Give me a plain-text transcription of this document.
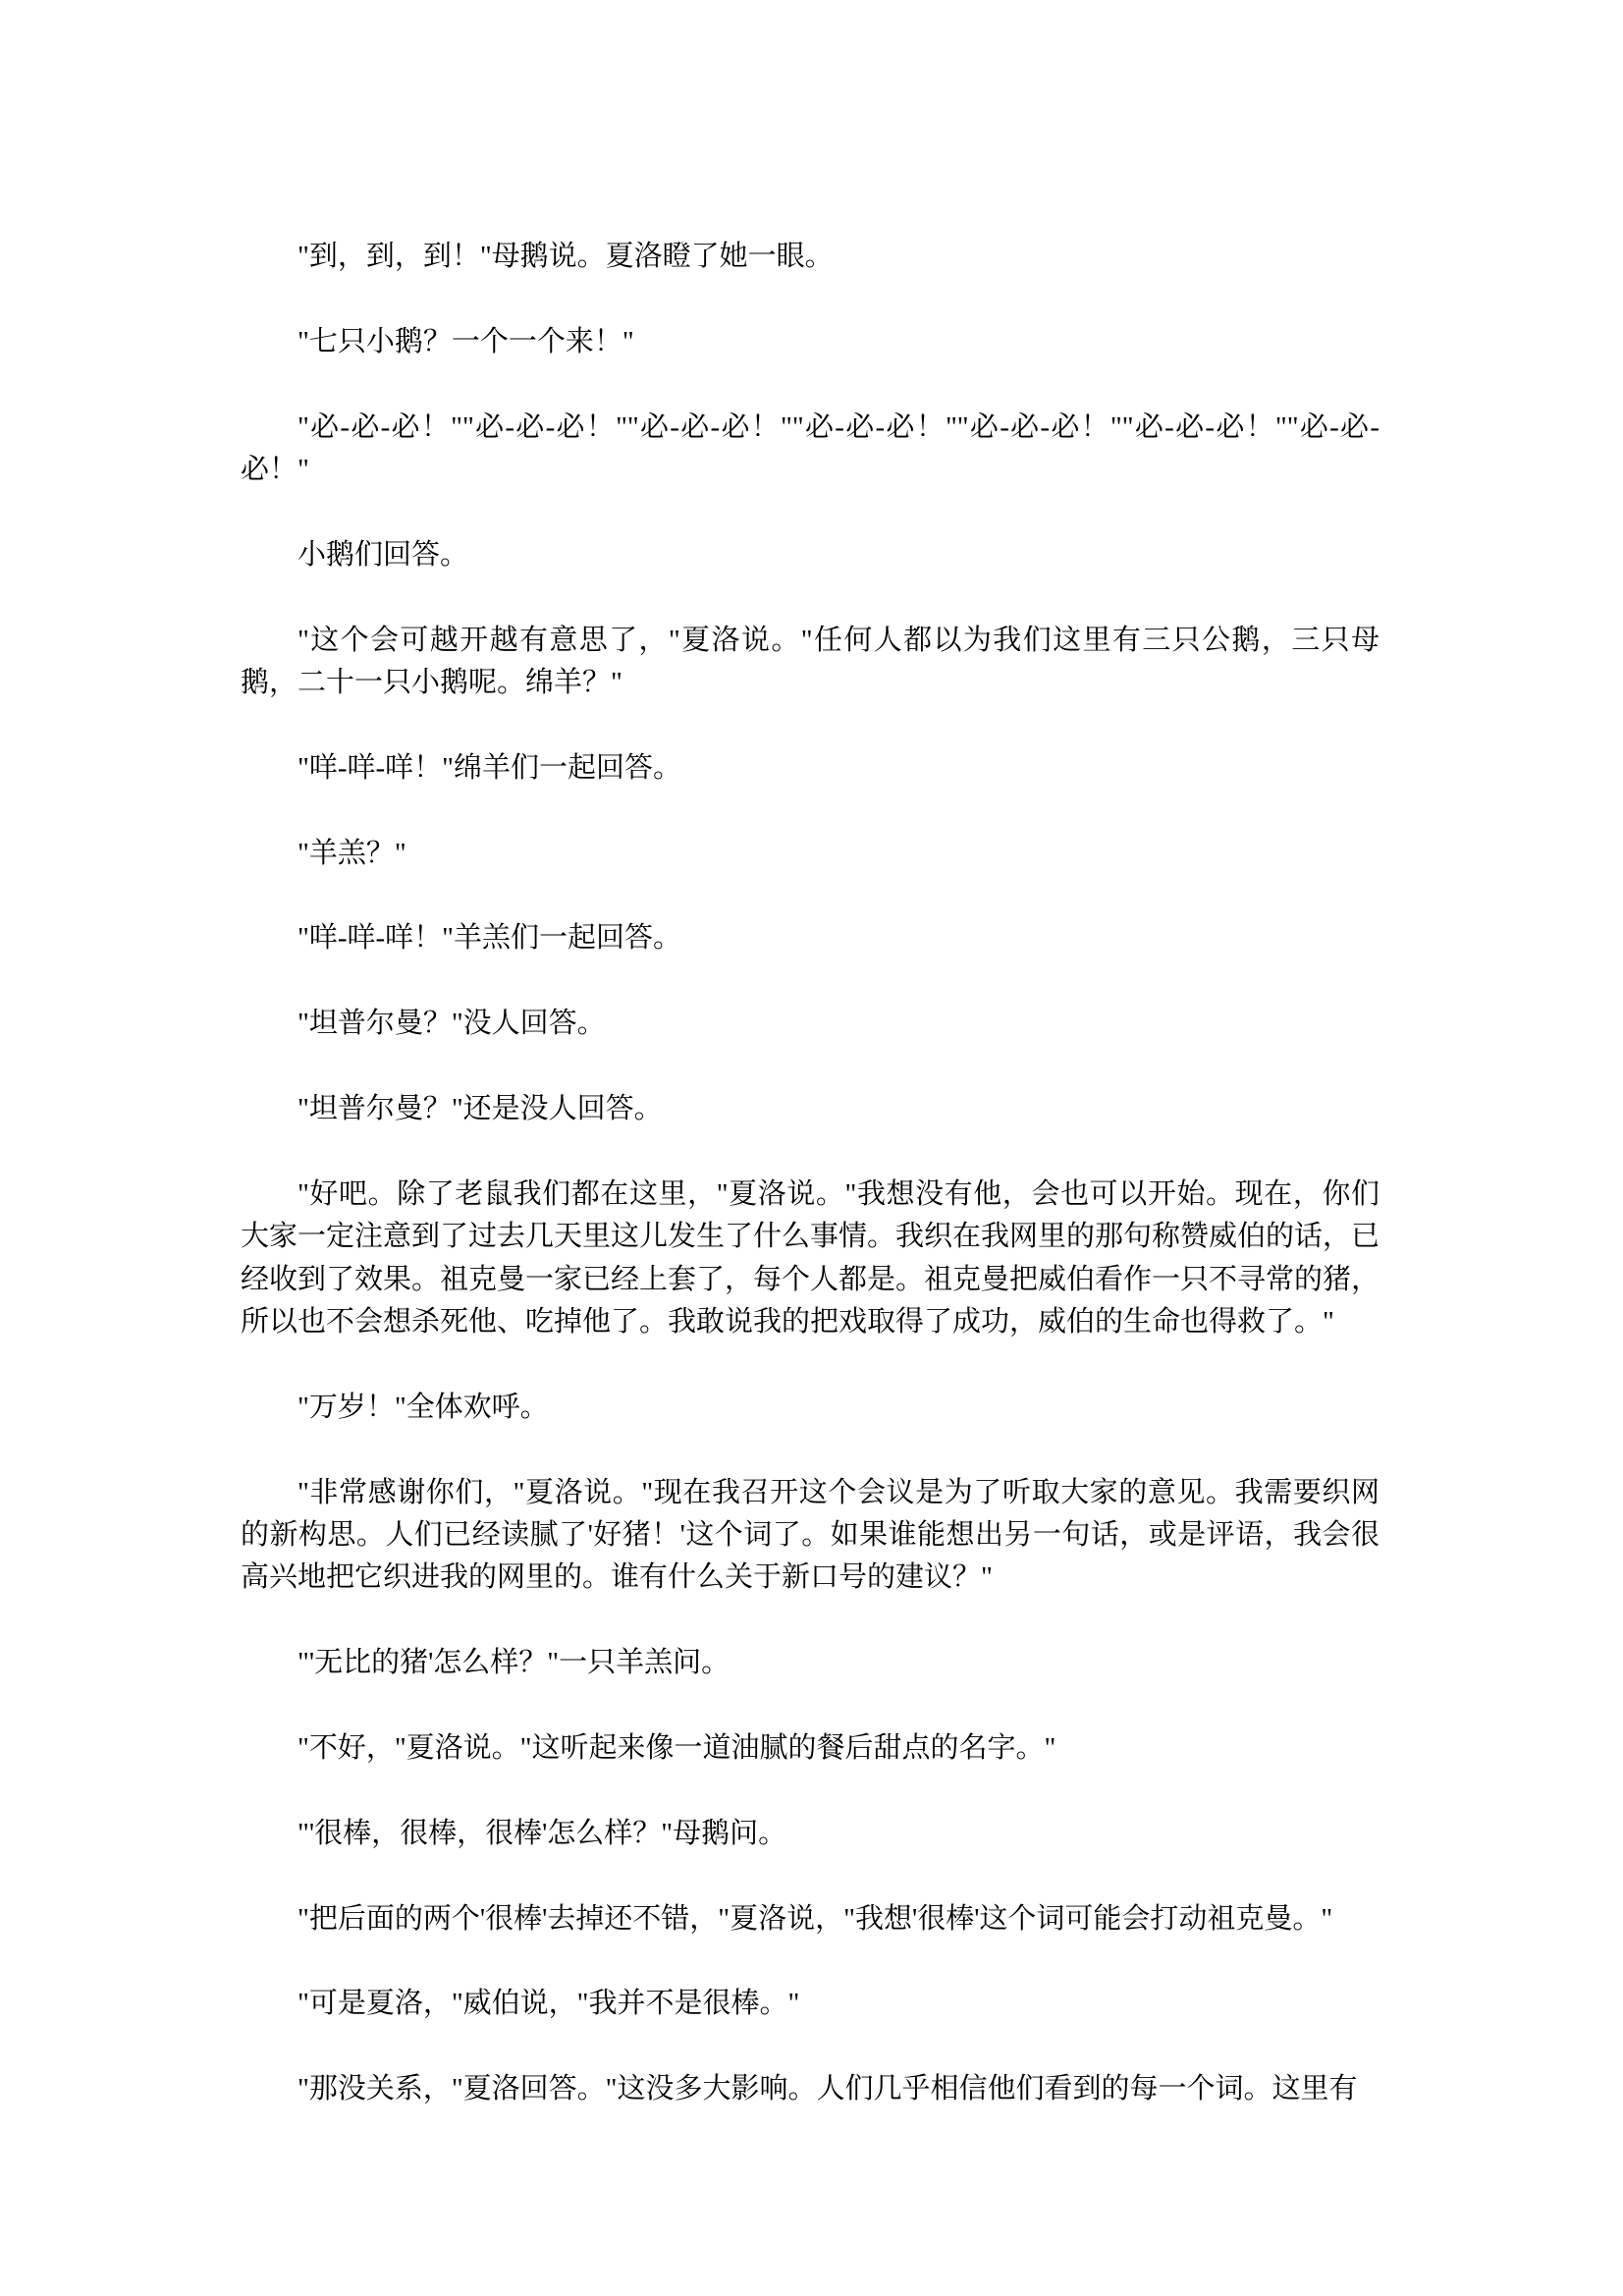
"到，到，到！"母鹅说。夏洛瞪了她一眼。

"七只小鹅？一个一个来！"

"必-必-必！""必-必-必！""必-必-必！""必-必-必！""必-必-必！""必-必-必！""必-必-必！"

小鹅们回答。

"这个会可越开越有意思了，"夏洛说。"任何人都以为我们这里有三只公鹅，三只母鹅，二十一只小鹅呢。绵羊？"

"咩-咩-咩！"绵羊们一起回答。

"羊羔？"

"咩-咩-咩！"羊羔们一起回答。

"坦普尔曼？"没人回答。

"坦普尔曼？"还是没人回答。

"好吧。除了老鼠我们都在这里，"夏洛说。"我想没有他，会也可以开始。现在，你们大家一定注意到了过去几天里这儿发生了什么事情。我织在我网里的那句称赞威伯的话，已经收到了效果。祖克曼一家已经上套了，每个人都是。祖克曼把威伯看作一只不寻常的猪，所以也不会想杀死他、吃掉他了。我敢说我的把戏取得了成功，威伯的生命也得救了。"

"万岁！"全体欢呼。

"非常感谢你们，"夏洛说。"现在我召开这个会议是为了听取大家的意见。我需要织网的新构思。人们已经读腻了'好猪！'这个词了。如果谁能想出另一句话，或是评语，我会很高兴地把它织进我的网里的。谁有什么关于新口号的建议？"

"'无比的猪'怎么样？"一只羊羔问。

"不好，"夏洛说。"这听起来像一道油腻的餐后甜点的名字。"

"'很棒，很棒，很棒'怎么样？"母鹅问。

"把后面的两个'很棒'去掉还不错，"夏洛说，"我想'很棒'这个词可能会打动祖克曼。"

"可是夏洛，"威伯说，"我并不是很棒。"

"那没关系，"夏洛回答。"这没多大影响。人们几乎相信他们看到的每一个词。这里有
